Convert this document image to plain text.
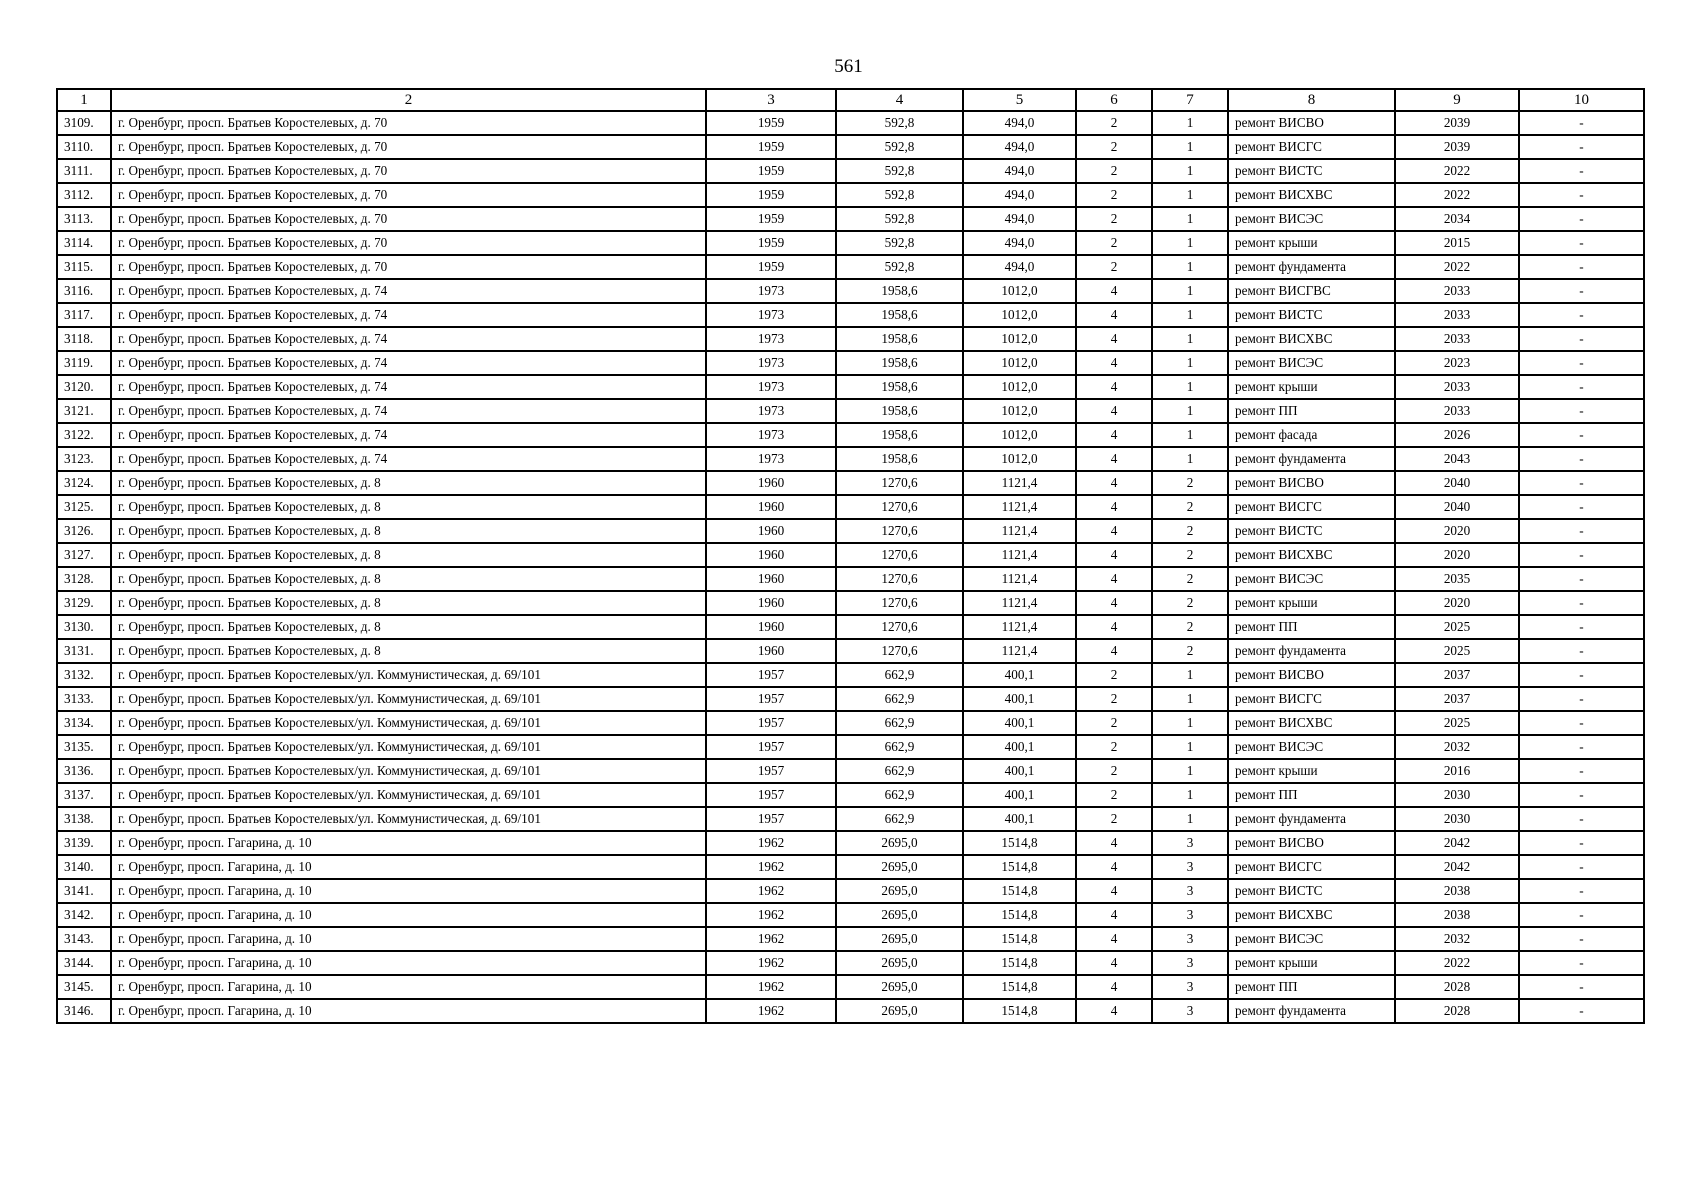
561
1	2	3	4	5	6	7	8	9	10
3109.	г. Оренбург, просп. Братьев Коростелевых, д. 70	1959	592,8	494,0	2	1	ремонт ВИСВО	2039	-
3110.	г. Оренбург, просп. Братьев Коростелевых, д. 70	1959	592,8	494,0	2	1	ремонт ВИСГС	2039	-
3111.	г. Оренбург, просп. Братьев Коростелевых, д. 70	1959	592,8	494,0	2	1	ремонт ВИСТС	2022	-
3112.	г. Оренбург, просп. Братьев Коростелевых, д. 70	1959	592,8	494,0	2	1	ремонт ВИСХВС	2022	-
3113.	г. Оренбург, просп. Братьев Коростелевых, д. 70	1959	592,8	494,0	2	1	ремонт ВИСЭС	2034	-
3114.	г. Оренбург, просп. Братьев Коростелевых, д. 70	1959	592,8	494,0	2	1	ремонт крыши	2015	-
3115.	г. Оренбург, просп. Братьев Коростелевых, д. 70	1959	592,8	494,0	2	1	ремонт фундамента	2022	-
3116.	г. Оренбург, просп. Братьев Коростелевых, д. 74	1973	1958,6	1012,0	4	1	ремонт ВИСГВС	2033	-
3117.	г. Оренбург, просп. Братьев Коростелевых, д. 74	1973	1958,6	1012,0	4	1	ремонт ВИСТС	2033	-
3118.	г. Оренбург, просп. Братьев Коростелевых, д. 74	1973	1958,6	1012,0	4	1	ремонт ВИСХВС	2033	-
3119.	г. Оренбург, просп. Братьев Коростелевых, д. 74	1973	1958,6	1012,0	4	1	ремонт ВИСЭС	2023	-
3120.	г. Оренбург, просп. Братьев Коростелевых, д. 74	1973	1958,6	1012,0	4	1	ремонт крыши	2033	-
3121.	г. Оренбург, просп. Братьев Коростелевых, д. 74	1973	1958,6	1012,0	4	1	ремонт ПП	2033	-
3122.	г. Оренбург, просп. Братьев Коростелевых, д. 74	1973	1958,6	1012,0	4	1	ремонт фасада	2026	-
3123.	г. Оренбург, просп. Братьев Коростелевых, д. 74	1973	1958,6	1012,0	4	1	ремонт фундамента	2043	-
3124.	г. Оренбург, просп. Братьев Коростелевых, д. 8	1960	1270,6	1121,4	4	2	ремонт ВИСВО	2040	-
3125.	г. Оренбург, просп. Братьев Коростелевых, д. 8	1960	1270,6	1121,4	4	2	ремонт ВИСГС	2040	-
3126.	г. Оренбург, просп. Братьев Коростелевых, д. 8	1960	1270,6	1121,4	4	2	ремонт ВИСТС	2020	-
3127.	г. Оренбург, просп. Братьев Коростелевых, д. 8	1960	1270,6	1121,4	4	2	ремонт ВИСХВС	2020	-
3128.	г. Оренбург, просп. Братьев Коростелевых, д. 8	1960	1270,6	1121,4	4	2	ремонт ВИСЭС	2035	-
3129.	г. Оренбург, просп. Братьев Коростелевых, д. 8	1960	1270,6	1121,4	4	2	ремонт крыши	2020	-
3130.	г. Оренбург, просп. Братьев Коростелевых, д. 8	1960	1270,6	1121,4	4	2	ремонт ПП	2025	-
3131.	г. Оренбург, просп. Братьев Коростелевых, д. 8	1960	1270,6	1121,4	4	2	ремонт фундамента	2025	-
3132.	г. Оренбург, просп. Братьев Коростелевых/ул. Коммунистическая, д. 69/101	1957	662,9	400,1	2	1	ремонт ВИСВО	2037	-
3133.	г. Оренбург, просп. Братьев Коростелевых/ул. Коммунистическая, д. 69/101	1957	662,9	400,1	2	1	ремонт ВИСГС	2037	-
3134.	г. Оренбург, просп. Братьев Коростелевых/ул. Коммунистическая, д. 69/101	1957	662,9	400,1	2	1	ремонт ВИСХВС	2025	-
3135.	г. Оренбург, просп. Братьев Коростелевых/ул. Коммунистическая, д. 69/101	1957	662,9	400,1	2	1	ремонт ВИСЭС	2032	-
3136.	г. Оренбург, просп. Братьев Коростелевых/ул. Коммунистическая, д. 69/101	1957	662,9	400,1	2	1	ремонт крыши	2016	-
3137.	г. Оренбург, просп. Братьев Коростелевых/ул. Коммунистическая, д. 69/101	1957	662,9	400,1	2	1	ремонт ПП	2030	-
3138.	г. Оренбург, просп. Братьев Коростелевых/ул. Коммунистическая, д. 69/101	1957	662,9	400,1	2	1	ремонт фундамента	2030	-
3139.	г. Оренбург, просп. Гагарина, д. 10	1962	2695,0	1514,8	4	3	ремонт ВИСВО	2042	-
3140.	г. Оренбург, просп. Гагарина, д. 10	1962	2695,0	1514,8	4	3	ремонт ВИСГС	2042	-
3141.	г. Оренбург, просп. Гагарина, д. 10	1962	2695,0	1514,8	4	3	ремонт ВИСТС	2038	-
3142.	г. Оренбург, просп. Гагарина, д. 10	1962	2695,0	1514,8	4	3	ремонт ВИСХВС	2038	-
3143.	г. Оренбург, просп. Гагарина, д. 10	1962	2695,0	1514,8	4	3	ремонт ВИСЭС	2032	-
3144.	г. Оренбург, просп. Гагарина, д. 10	1962	2695,0	1514,8	4	3	ремонт крыши	2022	-
3145.	г. Оренбург, просп. Гагарина, д. 10	1962	2695,0	1514,8	4	3	ремонт ПП	2028	-
3146.	г. Оренбург, просп. Гагарина, д. 10	1962	2695,0	1514,8	4	3	ремонт фундамента	2028	-
